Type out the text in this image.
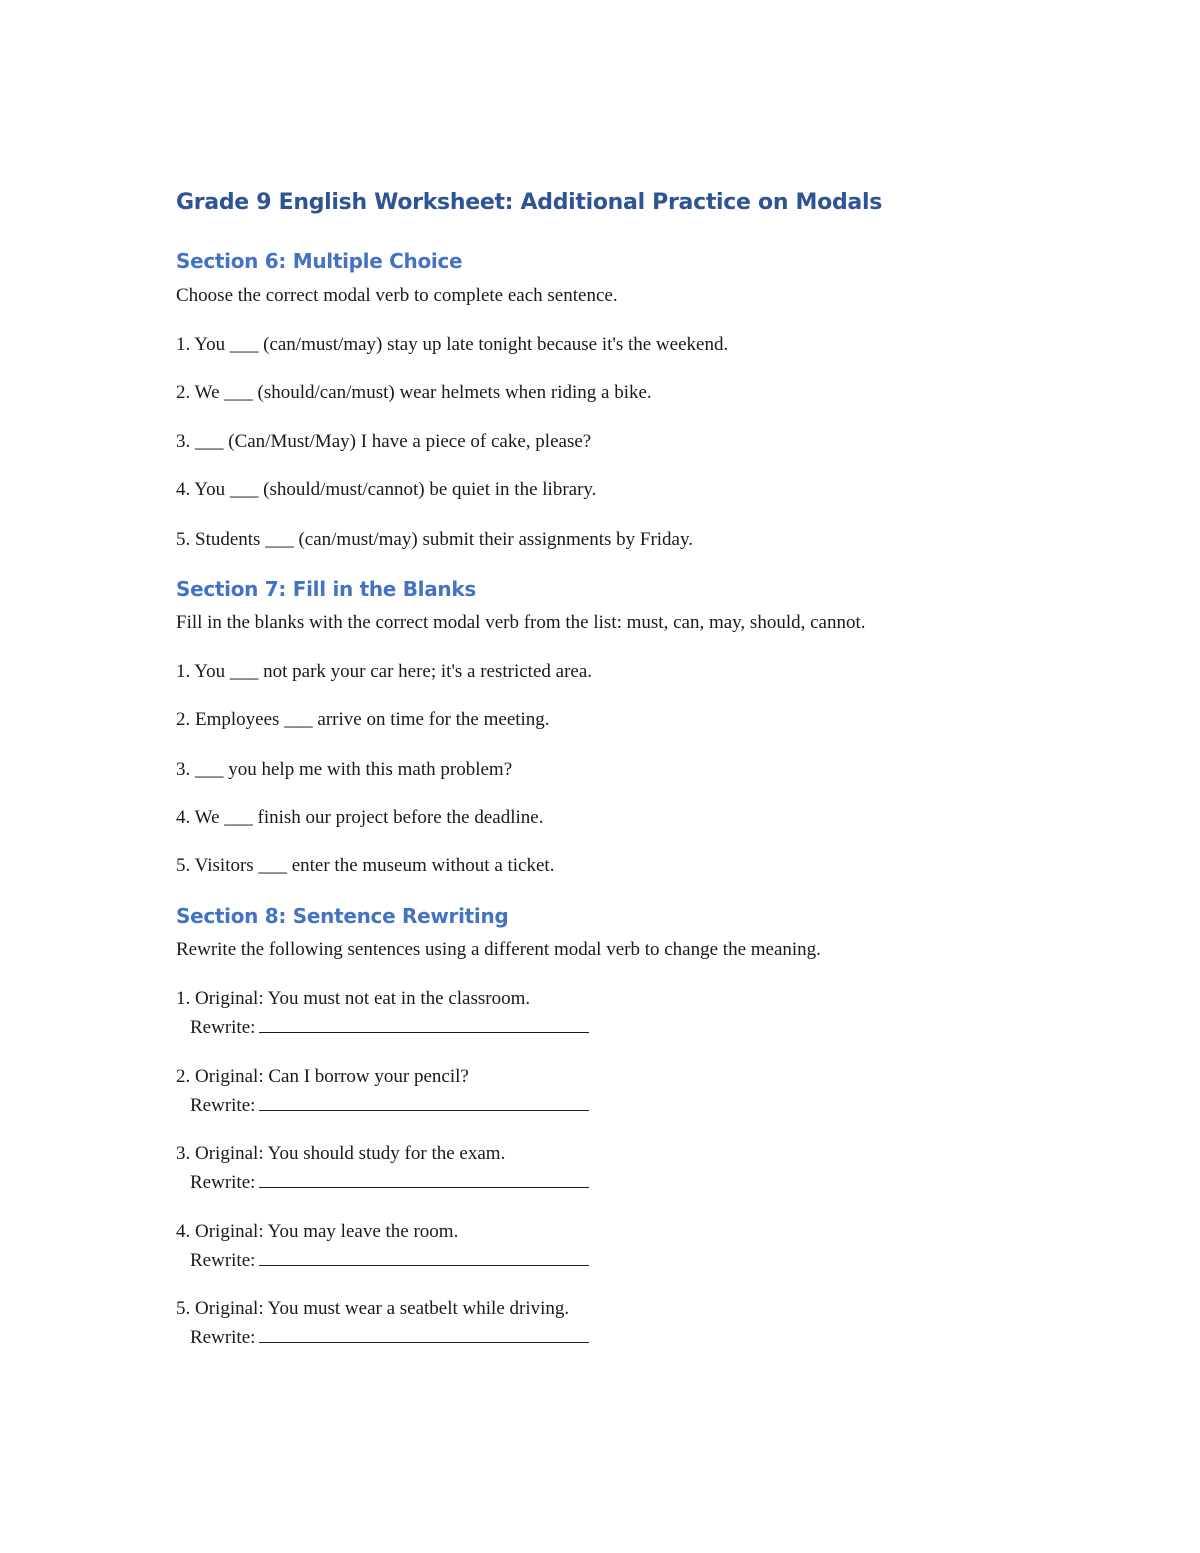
Grade 9 English Worksheet: Additional Practice on Modals
Section 6: Multiple Choice

Choose the correct modal verb to complete each sentence.

1. You ___ (can/must/may) stay up late tonight because it's the weekend.

2. We ___ (should/can/must) wear helmets when riding a bike.

3. ___ (Can/Must/May) I have a piece of cake, please?

4. You ___ (should/must/cannot) be quiet in the library.

5. Students ___ (can/must/may) submit their assignments by Friday.

Section 7: Fill in the Blanks

Fill in the blanks with the correct modal verb from the list: must, can, may, should, cannot.

1. You ___ not park your car here; it's a restricted area.

2. Employees ___ arrive on time for the meeting.

3. ___ you help me with this math problem?

4. We ___ finish our project before the deadline.

5. Visitors ___ enter the museum without a ticket.

Section 8: Sentence Rewriting

Rewrite the following sentences using a different modal verb to change the meaning.

1. Original: You must not eat in the classroom.

Rewrite:

2. Original: Can I borrow your pencil?

Rewrite:

3. Original: You should study for the exam.

Rewrite:

4. Original: You may leave the room.

Rewrite:

5. Original: You must wear a seatbelt while driving.

Rewrite:
